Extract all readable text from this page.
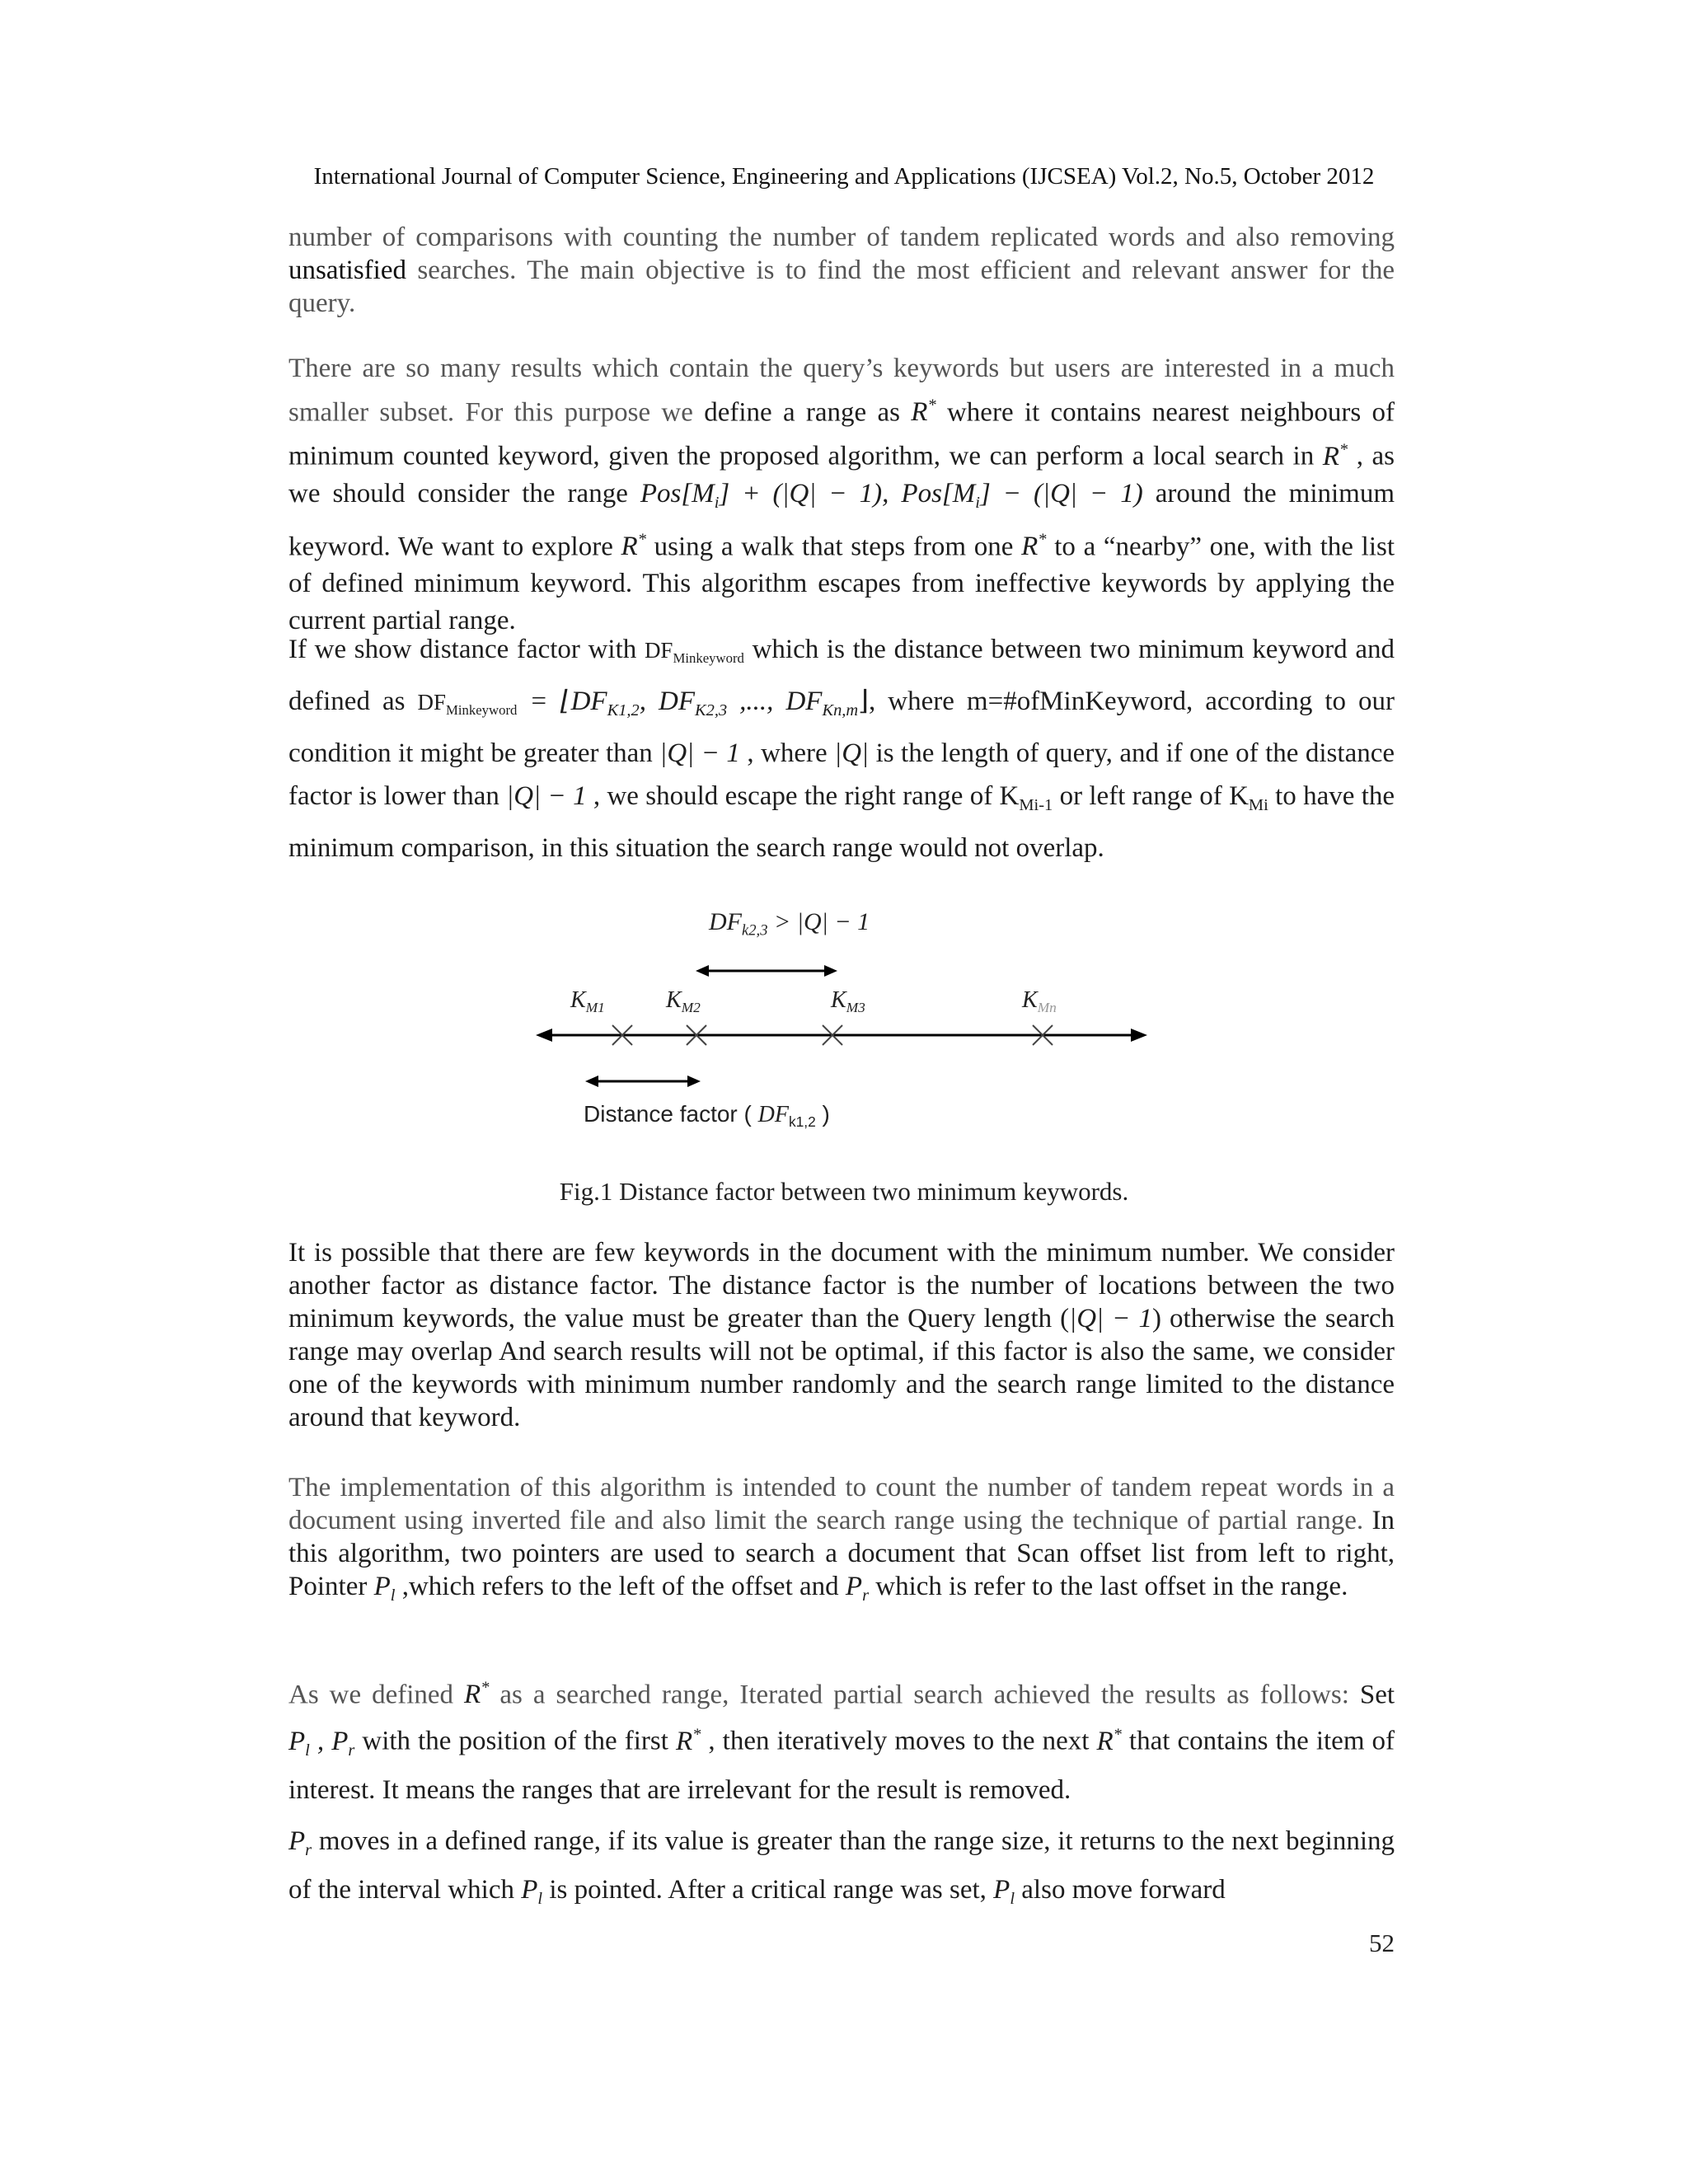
International Journal of Computer Science, Engineering and Applications (IJCSEA) Vol.2, No.5, October 2012

number of comparisons with counting the number of tandem replicated words and also removing unsatisfied searches. The main objective is to find the most efficient and relevant answer for the query.

There are so many results which contain the query’s keywords but users are interested in a much smaller subset. For this purpose we define a range as R* where it contains nearest neighbours of minimum counted keyword, given the proposed algorithm, we can perform a local search in R* , as we should consider the range $Pos[M_i] + (|Q| - 1)$, $Pos[M_i] - (|Q| - 1)$ around the minimum keyword. We want to explore R* using a walk that steps from one R* to a “nearby” one, with the list of defined minimum keyword. This algorithm escapes from ineffective keywords by applying the current partial range.

If we show distance factor with $DF_{Minkeyword}$ which is the distance between two minimum keyword and defined as $DF_{Minkeyword}$ = $⌊DF_{K1,2}$, $DF_{K2,3}$ ,..., $DF_{Kn,m}⌋$, where m=#ofMinKeyword, according to our condition it might be greater than |Q| − 1 , where |Q| is the length of query, and if one of the distance factor is lower than |Q| − 1 , we should escape the right range of $K_{Mi-1}$ or left range of $K_{Mi}$ to have the minimum comparison, in this situation the search range would not overlap.

$DF_{k2,3} > |Q| - 1$
$K_{M1}$	$K_{M2}$	$K_{M3}$	$K_{Mn}$
Distance factor ( $DF_{k1,2}$ )
Fig.1 Distance factor between two minimum keywords.

It is possible that there are few keywords in the document with the minimum number. We consider another factor as distance factor. The distance factor is the number of locations between the two minimum keywords, the value must be greater than the Query length (|Q| − 1) otherwise the search range may overlap And search results will not be optimal, if this factor is also the same, we consider one of the keywords with minimum number randomly and the search range limited to the distance around that keyword.

The implementation of this algorithm is intended to count the number of tandem repeat words in a document using inverted file and also limit the search range using the technique of partial range. In this algorithm, two pointers are used to search a document that Scan offset list from left to right, Pointer $P_l$ ,which refers to the left of the offset and $P_r$ which is refer to the last offset in the range.

As we defined R* as a searched range, Iterated partial search achieved the results as follows: Set $P_l$ , $P_r$ with the position of the first R* , then iteratively moves to the next R* that contains the item of interest. It means the ranges that are irrelevant for the result is removed.

$P_r$ moves in a defined range, if its value is greater than the range size, it returns to the next beginning of the interval which $P_l$ is pointed. After a critical range was set, $P_l$ also move forward

52
